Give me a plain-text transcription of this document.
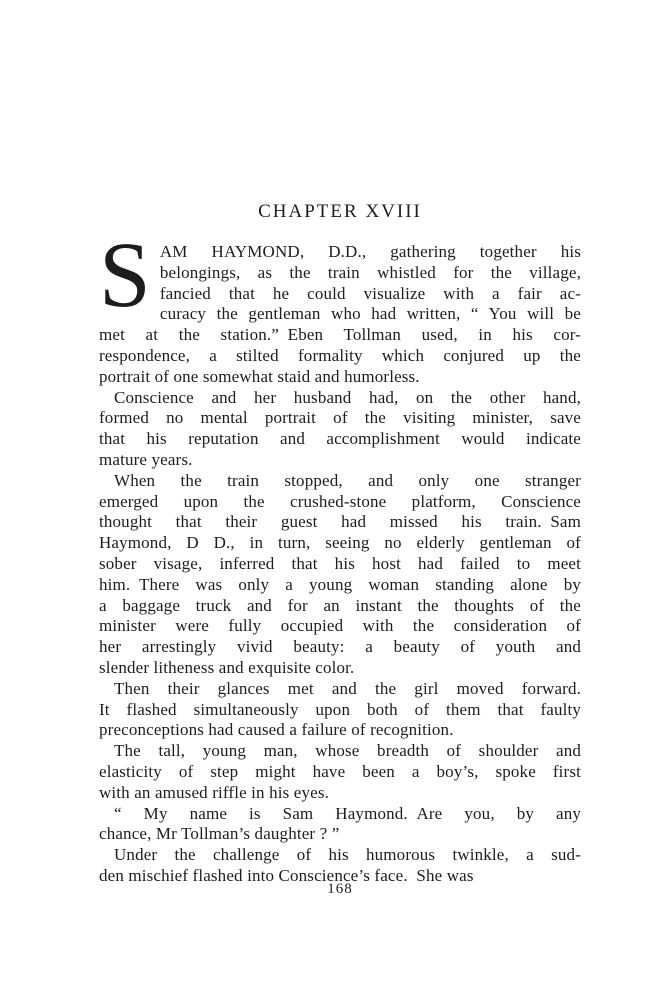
CHAPTER XVIII
S AM HAYMOND, D.D., gathering together his
belongings, as the train whistled for the village,
fancied that he could visualize with a fair ac-
curacy the gentleman who had written, “ You will be
met at the station.” Eben Tollman used, in his cor-
respondence, a stilted formality which conjured up the
portrait of one somewhat staid and humorless.
Conscience and her husband had, on the other hand,
formed no mental portrait of the visiting minister, save
that his reputation and accomplishment would indicate
mature years.
When the train stopped, and only one stranger
emerged upon the crushed-stone platform, Conscience
thought that their guest had missed his train. Sam
Haymond, D D., in turn, seeing no elderly gentleman of
sober visage, inferred that his host had failed to meet
him. There was only a young woman standing alone by
a baggage truck and for an instant the thoughts of the
minister were fully occupied with the consideration of
her arrestingly vivid beauty: a beauty of youth and
slender litheness and exquisite color.
Then their glances met and the girl moved forward.
It flashed simultaneously upon both of them that faulty
preconceptions had caused a failure of recognition.
The tall, young man, whose breadth of shoulder and
elasticity of step might have been a boy’s, spoke first
with an amused riffle in his eyes.
“ My name is Sam Haymond. Are you, by any
chance, Mr Tollman’s daughter ? ”
Under the challenge of his humorous twinkle, a sud-
den mischief flashed into Conscience’s face. She was
168
